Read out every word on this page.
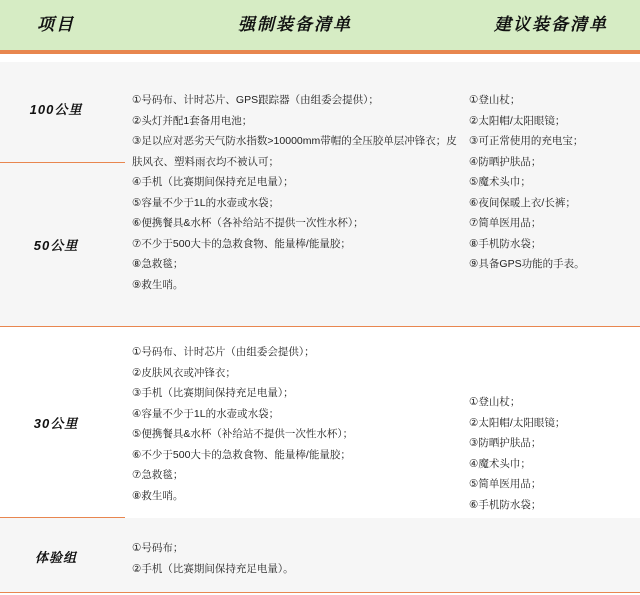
项目	强制装备清单	建议装备清单
100公里
50公里
①号码布、计时芯片、GPS跟踪器（由组委会提供）；
②头灯并配1套备用电池；
③足以应对恶劣天气防水指数>10000mm带帽的全压胶单层冲锋衣；皮肤风衣、塑料雨衣均不被认可；
④手机（比赛期间保持充足电量）；
⑤容量不少于1L的水壶或水袋；
⑥便携餐具&水杯（各补给站不提供一次性水杯）；
⑦不少于500大卡的急救食物、能量棒/能量胶；
⑧急救毯；
⑨救生哨。
①登山杖；
②太阳帽/太阳眼镜；
③可正常使用的充电宝；
④防晒护肤品；
⑤魔术头巾；
⑥夜间保暖上衣/长裤；
⑦简单医用品；
⑧手机防水袋；
⑨具备GPS功能的手表。
30公里
①号码布、计时芯片（由组委会提供）；
②皮肤风衣或冲锋衣；
③手机（比赛期间保持充足电量）；
④容量不少于1L的水壶或水袋；
⑤便携餐具&水杯（补给站不提供一次性水杯）；
⑥不少于500大卡的急救食物、能量棒/能量胶；
⑦急救毯；
⑧救生哨。
①登山杖；
②太阳帽/太阳眼镜；
③防晒护肤品；
④魔术头巾；
⑤简单医用品；
⑥手机防水袋；
体验组
①号码布；
②手机（比赛期间保持充足电量）。
